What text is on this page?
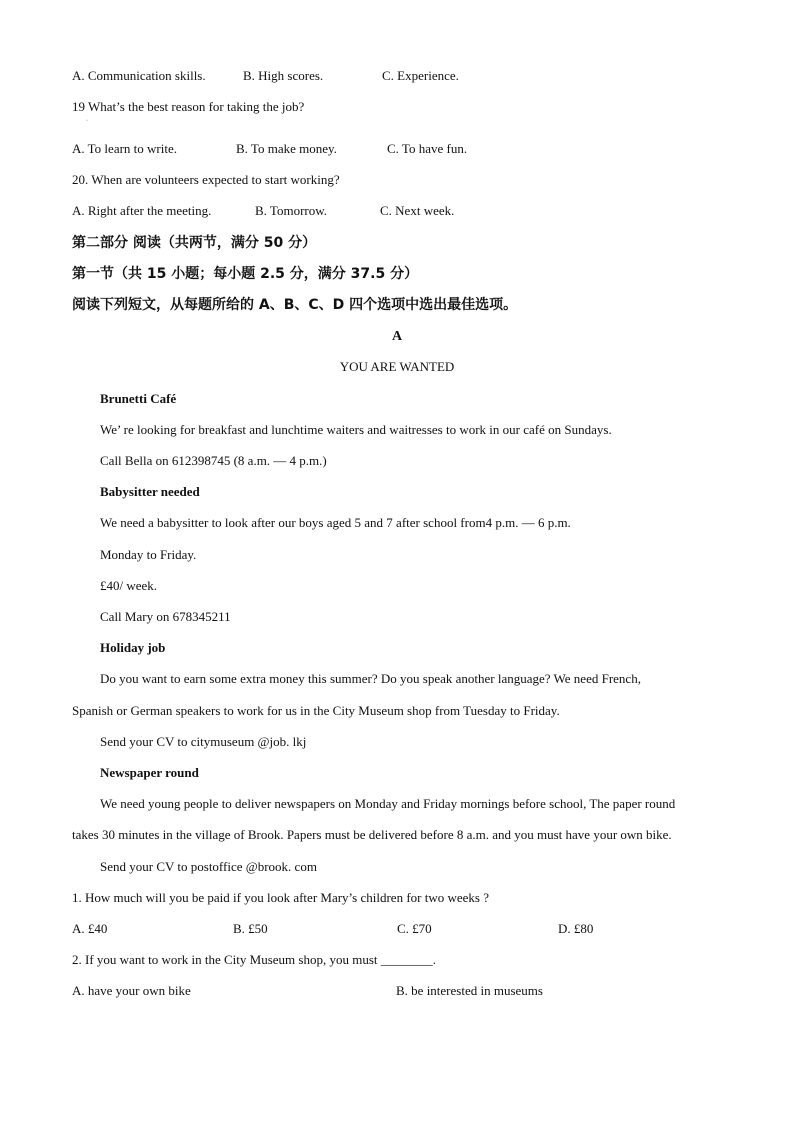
A. Communication skills.	B. High scores.	C. Experience.
19 What’s the best reason for taking the job?
·
A. To learn to write.	B. To make money.	C. To have fun.
20. When are volunteers expected to start working?
A. Right after the meeting.	B. Tomorrow.	C. Next week.
第二部分 阅读（共两节，满分 50 分）
第一节（共 15 小题；每小题 2.5 分，满分 37.5 分）
阅读下列短文，从每题所给的 A、B、C、D 四个选项中选出最佳选项。
A
YOU ARE WANTED
Brunetti Café
We’ re looking for breakfast and lunchtime waiters and waitresses to work in our café on Sundays.
Call Bella on 612398745 (8 a.m. — 4 p.m.)
Babysitter needed
We need a babysitter to look after our boys aged 5 and 7 after school from4 p.m. — 6 p.m.
Monday to Friday.
£40/ week.
Call Mary on 678345211
Holiday job
Do you want to earn some extra money this summer? Do you speak another language? We need French,
Spanish or German speakers to work for us in the City Museum shop from Tuesday to Friday.
Send your CV to citymuseum @job. lkj
Newspaper round
We need young people to deliver newspapers on Monday and Friday mornings before school, The paper round
takes 30 minutes in the village of Brook. Papers must be delivered before 8 a.m. and you must have your own bike.
Send your CV to postoffice @brook. com
1. How much will you be paid if you look after Mary’s children for two weeks ?
A. £40	B. £50	C. £70	D. £80
2. If you want to work in the City Museum shop, you must ________.
A. have your own bike	B. be interested in museums
